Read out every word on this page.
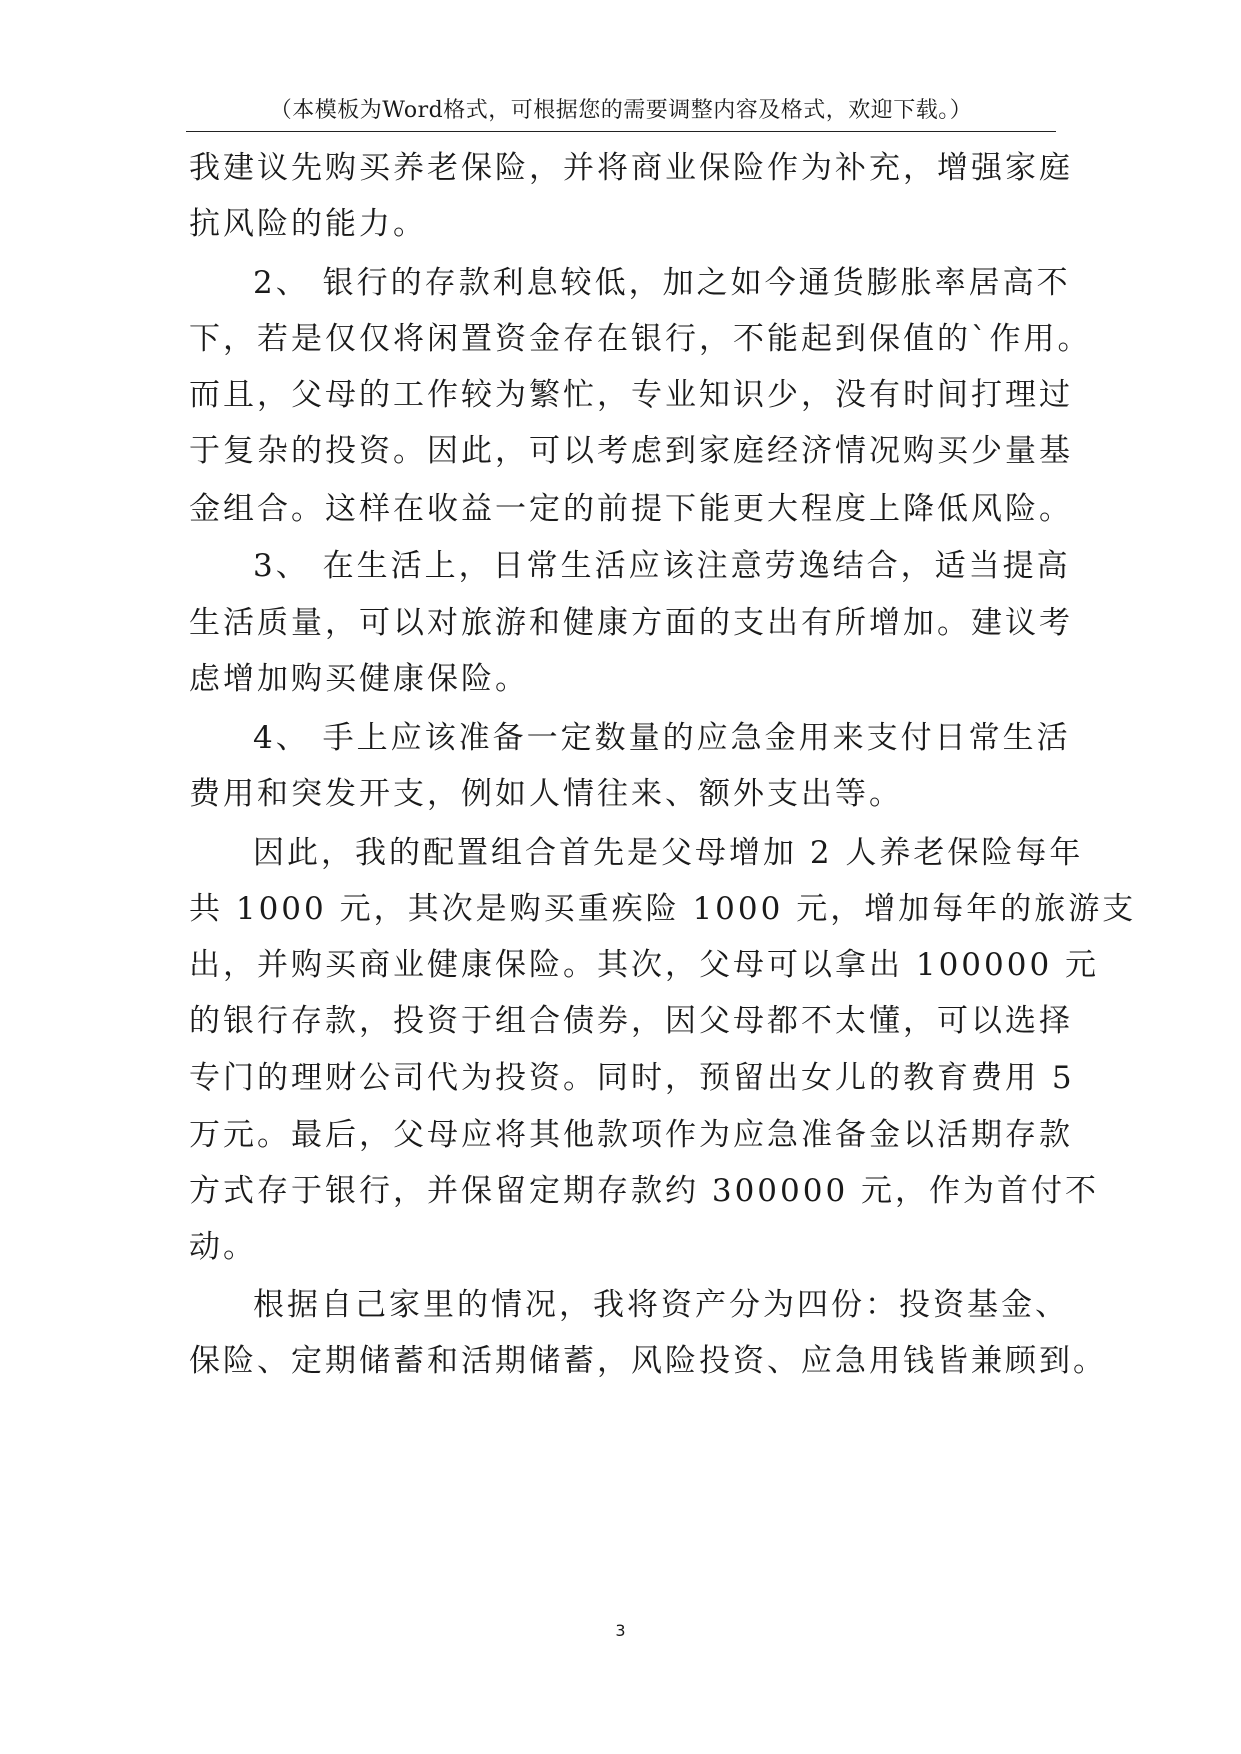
（本模板为Word格式，可根据您的需要调整内容及格式，欢迎下载。）
我建议先购买养老保险，并将商业保险作为补充，增强家庭
抗风险的能力。
2、 银行的存款利息较低，加之如今通货膨胀率居高不
下，若是仅仅将闲置资金存在银行，不能起到保值的`作用。
而且，父母的工作较为繁忙，专业知识少，没有时间打理过
于复杂的投资。因此，可以考虑到家庭经济情况购买少量基
金组合。这样在收益一定的前提下能更大程度上降低风险。
3、 在生活上，日常生活应该注意劳逸结合，适当提高
生活质量，可以对旅游和健康方面的支出有所增加。建议考
虑增加购买健康保险。
4、 手上应该准备一定数量的应急金用来支付日常生活
费用和突发开支，例如人情往来、额外支出等。
因此，我的配置组合首先是父母增加 2 人养老保险每年
共 1000 元，其次是购买重疾险 1000 元，增加每年的旅游支
出，并购买商业健康保险。其次，父母可以拿出 100000 元
的银行存款，投资于组合债券，因父母都不太懂，可以选择
专门的理财公司代为投资。同时，预留出女儿的教育费用 5
万元。最后，父母应将其他款项作为应急准备金以活期存款
方式存于银行，并保留定期存款约 300000 元，作为首付不
动。
根据自己家里的情况，我将资产分为四份：投资基金、
保险、定期储蓄和活期储蓄，风险投资、应急用钱皆兼顾到。
3
